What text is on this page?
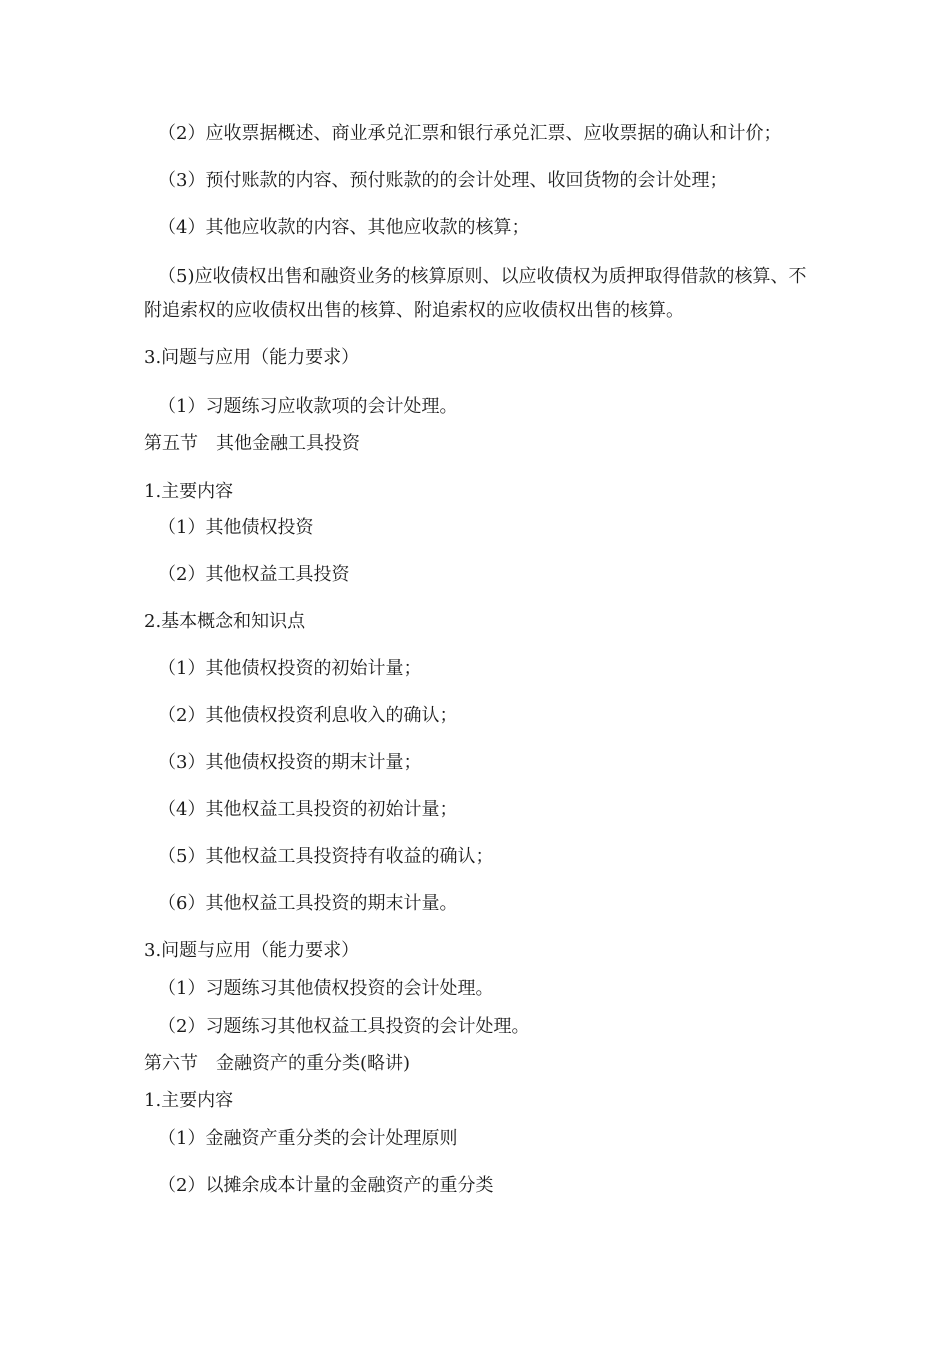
（2）应收票据概述、商业承兑汇票和银行承兑汇票、应收票据的确认和计价；
（3）预付账款的内容、预付账款的的会计处理、收回货物的会计处理；
（4）其他应收款的内容、其他应收款的核算；
（5)应收债权出售和融资业务的核算原则、以应收债权为质押取得借款的核算、不附追索权的应收债权出售的核算、附追索权的应收债权出售的核算。
3.问题与应用（能力要求）
（1）习题练习应收款项的会计处理。
第五节　其他金融工具投资
1.主要内容
（1）其他债权投资
（2）其他权益工具投资
2.基本概念和知识点
（1）其他债权投资的初始计量；
（2）其他债权投资利息收入的确认；
（3）其他债权投资的期末计量；
（4）其他权益工具投资的初始计量；
（5）其他权益工具投资持有收益的确认；
（6）其他权益工具投资的期末计量。
3.问题与应用（能力要求）
（1）习题练习其他债权投资的会计处理。
（2）习题练习其他权益工具投资的会计处理。
第六节　金融资产的重分类(略讲)
1.主要内容
（1）金融资产重分类的会计处理原则
（2）以摊余成本计量的金融资产的重分类
